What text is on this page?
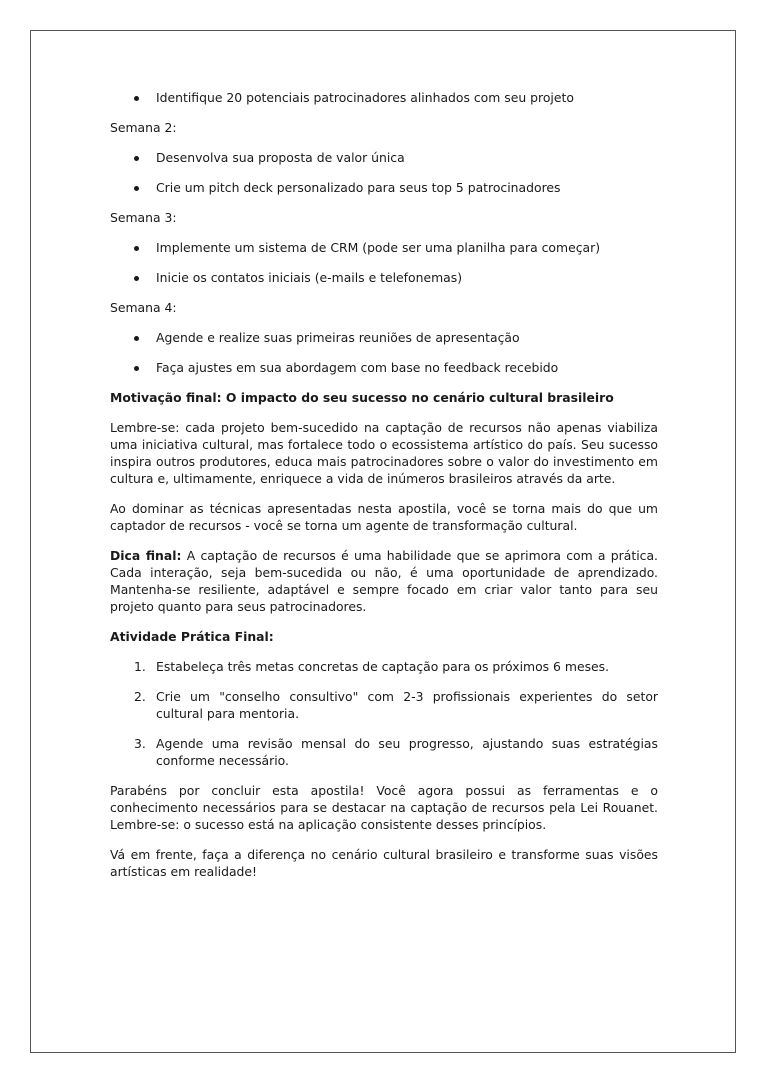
Identifique 20 potenciais patrocinadores alinhados com seu projeto

Semana 2:

Desenvolva sua proposta de valor única
Crie um pitch deck personalizado para seus top 5 patrocinadores

Semana 3:

Implemente um sistema de CRM (pode ser uma planilha para começar)
Inicie os contatos iniciais (e-mails e telefonemas)

Semana 4:

Agende e realize suas primeiras reuniões de apresentação
Faça ajustes em sua abordagem com base no feedback recebido

Motivação final: O impacto do seu sucesso no cenário cultural brasileiro

Lembre-se: cada projeto bem-sucedido na captação de recursos não apenas viabiliza uma iniciativa cultural, mas fortalece todo o ecossistema artístico do país. Seu sucesso inspira outros produtores, educa mais patrocinadores sobre o valor do investimento em cultura e, ultimamente, enriquece a vida de inúmeros brasileiros através da arte.

Ao dominar as técnicas apresentadas nesta apostila, você se torna mais do que um captador de recursos - você se torna um agente de transformação cultural.

Dica final: A captação de recursos é uma habilidade que se aprimora com a prática. Cada interação, seja bem-sucedida ou não, é uma oportunidade de aprendizado. Mantenha-se resiliente, adaptável e sempre focado em criar valor tanto para seu projeto quanto para seus patrocinadores.

Atividade Prática Final:

1. Estabeleça três metas concretas de captação para os próximos 6 meses.
2. Crie um "conselho consultivo" com 2-3 profissionais experientes do setor cultural para mentoria.
3. Agende uma revisão mensal do seu progresso, ajustando suas estratégias conforme necessário.

Parabéns por concluir esta apostila! Você agora possui as ferramentas e o conhecimento necessários para se destacar na captação de recursos pela Lei Rouanet. Lembre-se: o sucesso está na aplicação consistente desses princípios.

Vá em frente, faça a diferença no cenário cultural brasileiro e transforme suas visões artísticas em realidade!
